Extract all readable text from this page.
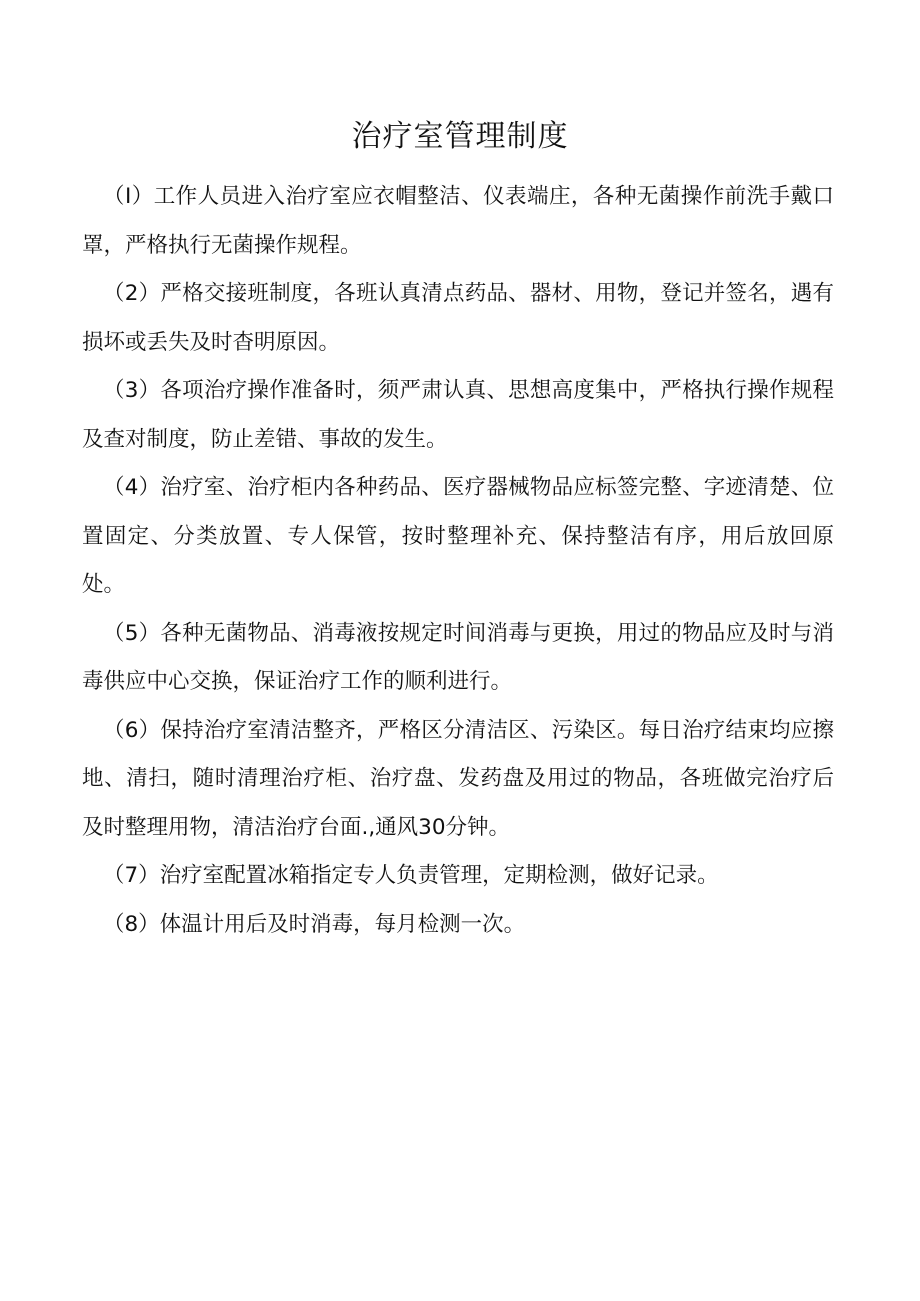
治疗室管理制度

（I）工作人员进入治疗室应衣帽整洁、仪表端庄，各种无菌操作前洗手戴口罩，严格执行无菌操作规程。

（2）严格交接班制度，各班认真清点药品、器材、用物，登记并签名，遇有损坏或丢失及时杳明原因。

（3）各项治疗操作准备时，须严肃认真、思想高度集中，严格执行操作规程及查对制度，防止差错、事故的发生。

（4）治疗室、治疗柜内各种药品、医疗器械物品应标签完整、字迹清楚、位置固定、分类放置、专人保管，按时整理补充、保持整洁有序，用后放回原处。

（5）各种无菌物品、消毒液按规定时间消毒与更换，用过的物品应及时与消毒供应中心交换，保证治疗工作的顺利进行。

（6）保持治疗室清洁整齐，严格区分清洁区、污染区。每日治疗结束均应擦地、清扫，随时清理治疗柜、治疗盘、发药盘及用过的物品，各班做完治疗后及时整理用物，清洁治疗台面.,通风30分钟。

（7）治疗室配置冰箱指定专人负责管理，定期检测，做好记录。

（8）体温计用后及时消毒，每月检测一次。
